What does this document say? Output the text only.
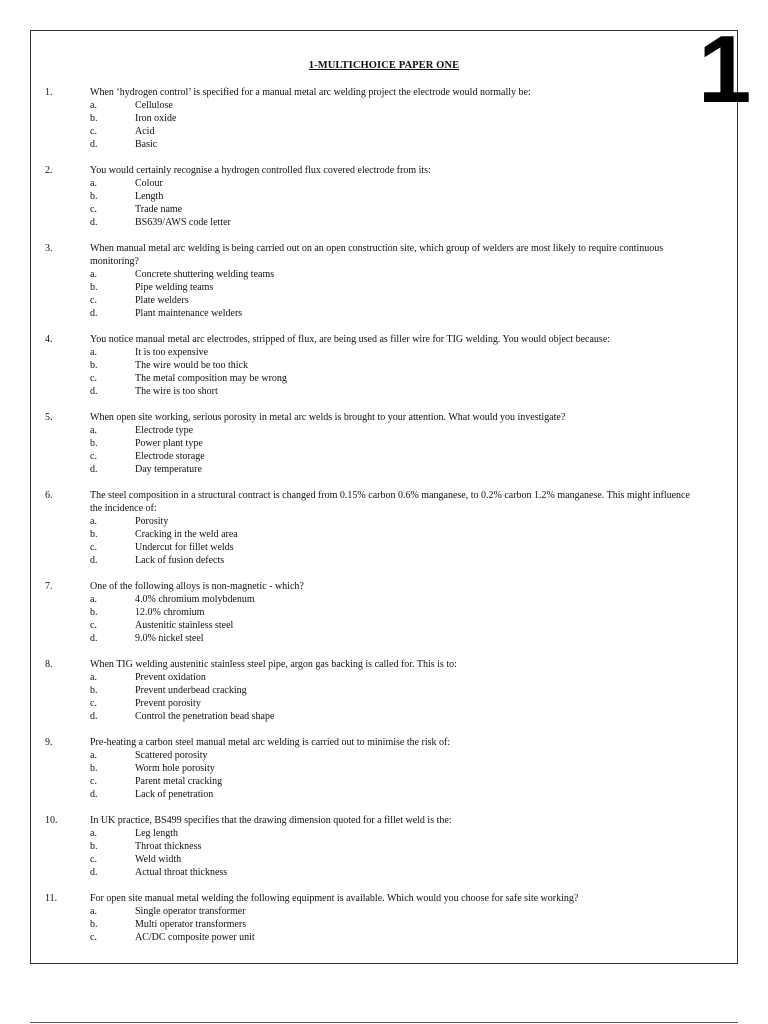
1
1-MULTICHOICE PAPER ONE
1.	When ‘hydrogen control’ is specified for a manual metal arc welding project the electrode would normally be:
a.	Cellulose
b.	Iron oxide
c.	Acid
d.	Basic
2.	You would certainly recognise a hydrogen controlled flux covered electrode from its:
a.	Colour
b.	Length
c.	Trade name
d.	BS639/AWS code letter
3.	When manual metal arc welding is being carried out on an open construction site, which group of welders are most likely to require continuous monitoring?
a.	Concrete shuttering welding teams
b.	Pipe welding teams
c.	Plate welders
d.	Plant maintenance welders
4.	You notice manual metal arc electrodes, stripped of flux, are being used as filler wire for TIG welding. You would object because:
a.	It is too expensive
b.	The wire would be too thick
c.	The metal composition may be wrong
d.	The wire is too short
5.	When open site working, serious porosity in metal arc welds is brought to your attention. What would you investigate?
a.	Electrode type
b.	Power plant type
c.	Electrode storage
d.	Day temperature
6.	The steel composition in a structural contract is changed from 0.15% carbon 0.6% manganese, to 0.2% carbon 1.2% manganese. This might influence the incidence of:
a.	Porosity
b.	Cracking in the weld area
c.	Undercut for fillet welds
d.	Lack of fusion defects
7.	One of the following alloys is non-magnetic - which?
a.	4.0% chromium molybdenum
b.	12.0% chromium
c.	Austenitic stainless steel
d.	9.0% nickel steel
8.	When TIG welding austenitic stainless steel pipe, argon gas backing is called for. This is to:
a.	Prevent oxidation
b.	Prevent underbead cracking
c.	Prevent porosity
d.	Control the penetration bead shape
9.	Pre-heating a carbon steel manual metal arc welding is carried out to minimise the risk of:
a.	Scattered porosity
b.	Worm hole porosity
c.	Parent metal cracking
d.	Lack of penetration
10.	In UK practice, BS499 specifies that the drawing dimension quoted for a fillet weld is the:
a.	Leg length
b.	Throat thickness
c.	Weld width
d.	Actual throat thickness
11.	For open site manual metal welding the following equipment is available. Which would you choose for safe site working?
a.	Single operator transformer
b.	Multi operator transformers
c.	AC/DC composite power unit
